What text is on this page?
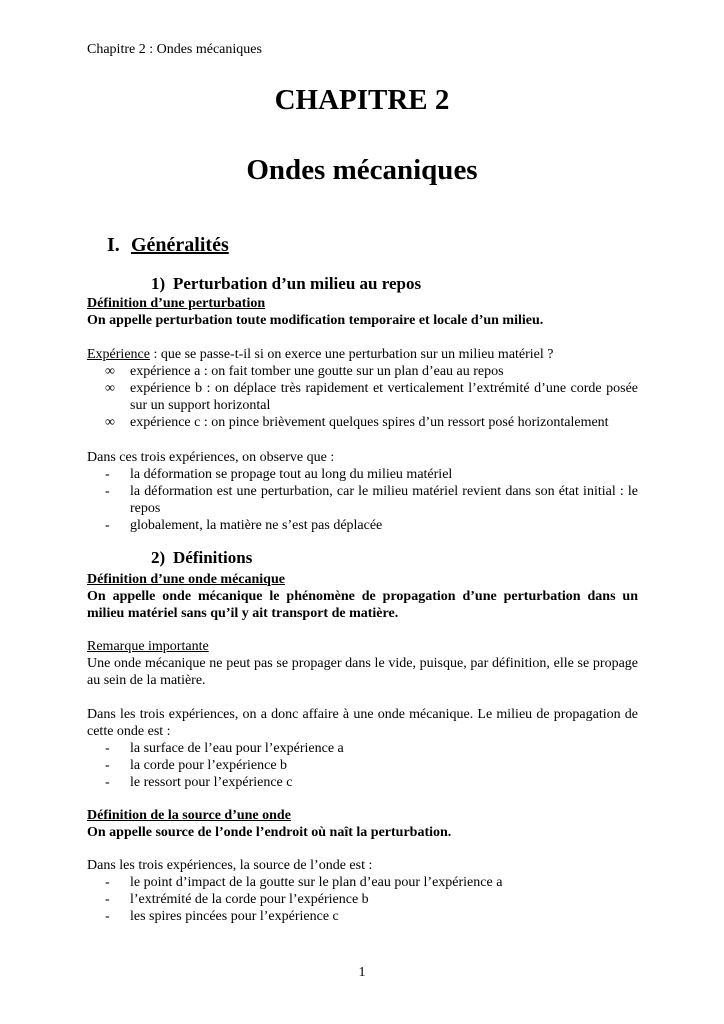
Chapitre 2 : Ondes mécaniques
CHAPITRE 2
Ondes mécaniques
I. Généralités
1) Perturbation d’un milieu au repos
Définition d’une perturbation
On appelle perturbation toute modification temporaire et locale d’un milieu.
Expérience : que se passe-t-il si on exerce une perturbation sur un milieu matériel ?
∞ expérience a : on fait tomber une goutte sur un plan d’eau au repos
∞ expérience b : on déplace très rapidement et verticalement l’extrémité d’une corde posée sur un support horizontal
∞ expérience c : on pince brièvement quelques spires d’un ressort posé horizontalement
Dans ces trois expériences, on observe que :
- la déformation se propage tout au long du milieu matériel
- la déformation est une perturbation, car le milieu matériel revient dans son état initial : le repos
- globalement, la matière ne s’est pas déplacée
2) Définitions
Définition d’une onde mécanique
On appelle onde mécanique le phénomène de propagation d’une perturbation dans un milieu matériel sans qu’il y ait transport de matière.
Remarque importante
Une onde mécanique ne peut pas se propager dans le vide, puisque, par définition, elle se propage au sein de la matière.
Dans les trois expériences, on a donc affaire à une onde mécanique. Le milieu de propagation de cette onde est :
- la surface de l’eau pour l’expérience a
- la corde pour l’expérience b
- le ressort pour l’expérience c
Définition de la source d’une onde
On appelle source de l’onde l’endroit où naît la perturbation.
Dans les trois expériences, la source de l’onde est :
- le point d’impact de la goutte sur le plan d’eau pour l’expérience a
- l’extrémité de la corde pour l’expérience b
- les spires pincées pour l’expérience c
1
